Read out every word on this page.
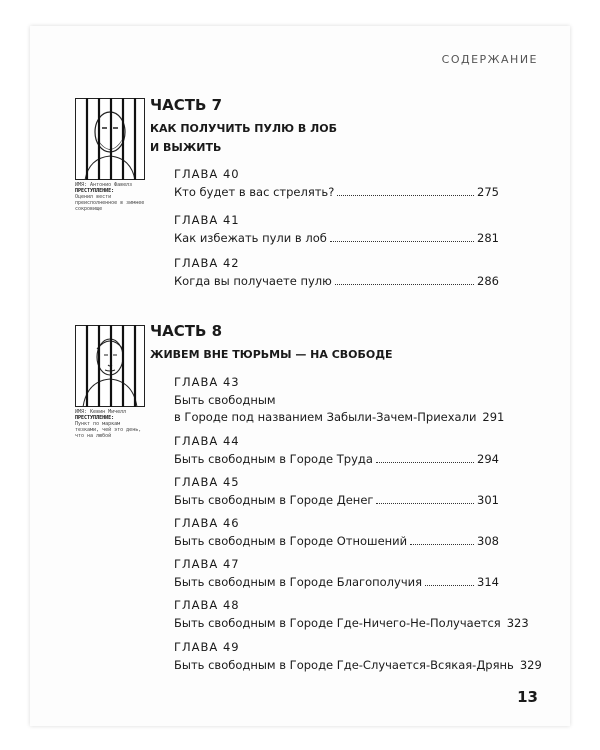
СОДЕРЖАНИЕ
ИМЯ: Антонио Фавелз
ПРЕСТУПЛЕНИЕ:
Оценил вести преисполненное в зимнее сокровище
ЧАСТЬ 7
КАК ПОЛУЧИТЬ ПУЛЮ В ЛОБ
И ВЫЖИТЬ
ГЛАВА 40
Кто будет в вас стрелять?	275
ГЛАВА 41
Как избежать пули в лоб	281
ГЛАВА 42
Когда вы получаете пулю	286
ИМЯ: Кевин Мичелл
ПРЕСТУПЛЕНИЕ:
Пункт по маркам тезками, чей это день, что на любой
ЧАСТЬ 8
ЖИВЕМ ВНЕ ТЮРЬМЫ — НА СВОБОДЕ
ГЛАВА 43
Быть свободным
в Городе под названием Забыли-Зачем-Приехали 291
ГЛАВА 44
Быть свободным в Городе Труда	294
ГЛАВА 45
Быть свободным в Городе Денег	301
ГЛАВА 46
Быть свободным в Городе Отношений	308
ГЛАВА 47
Быть свободным в Городе Благополучия	314
ГЛАВА 48
Быть свободным в Городе Где-Ничего-Не-Получается 323
ГЛАВА 49
Быть свободным в Городе Где-Случается-Всякая-Дрянь 329
13
